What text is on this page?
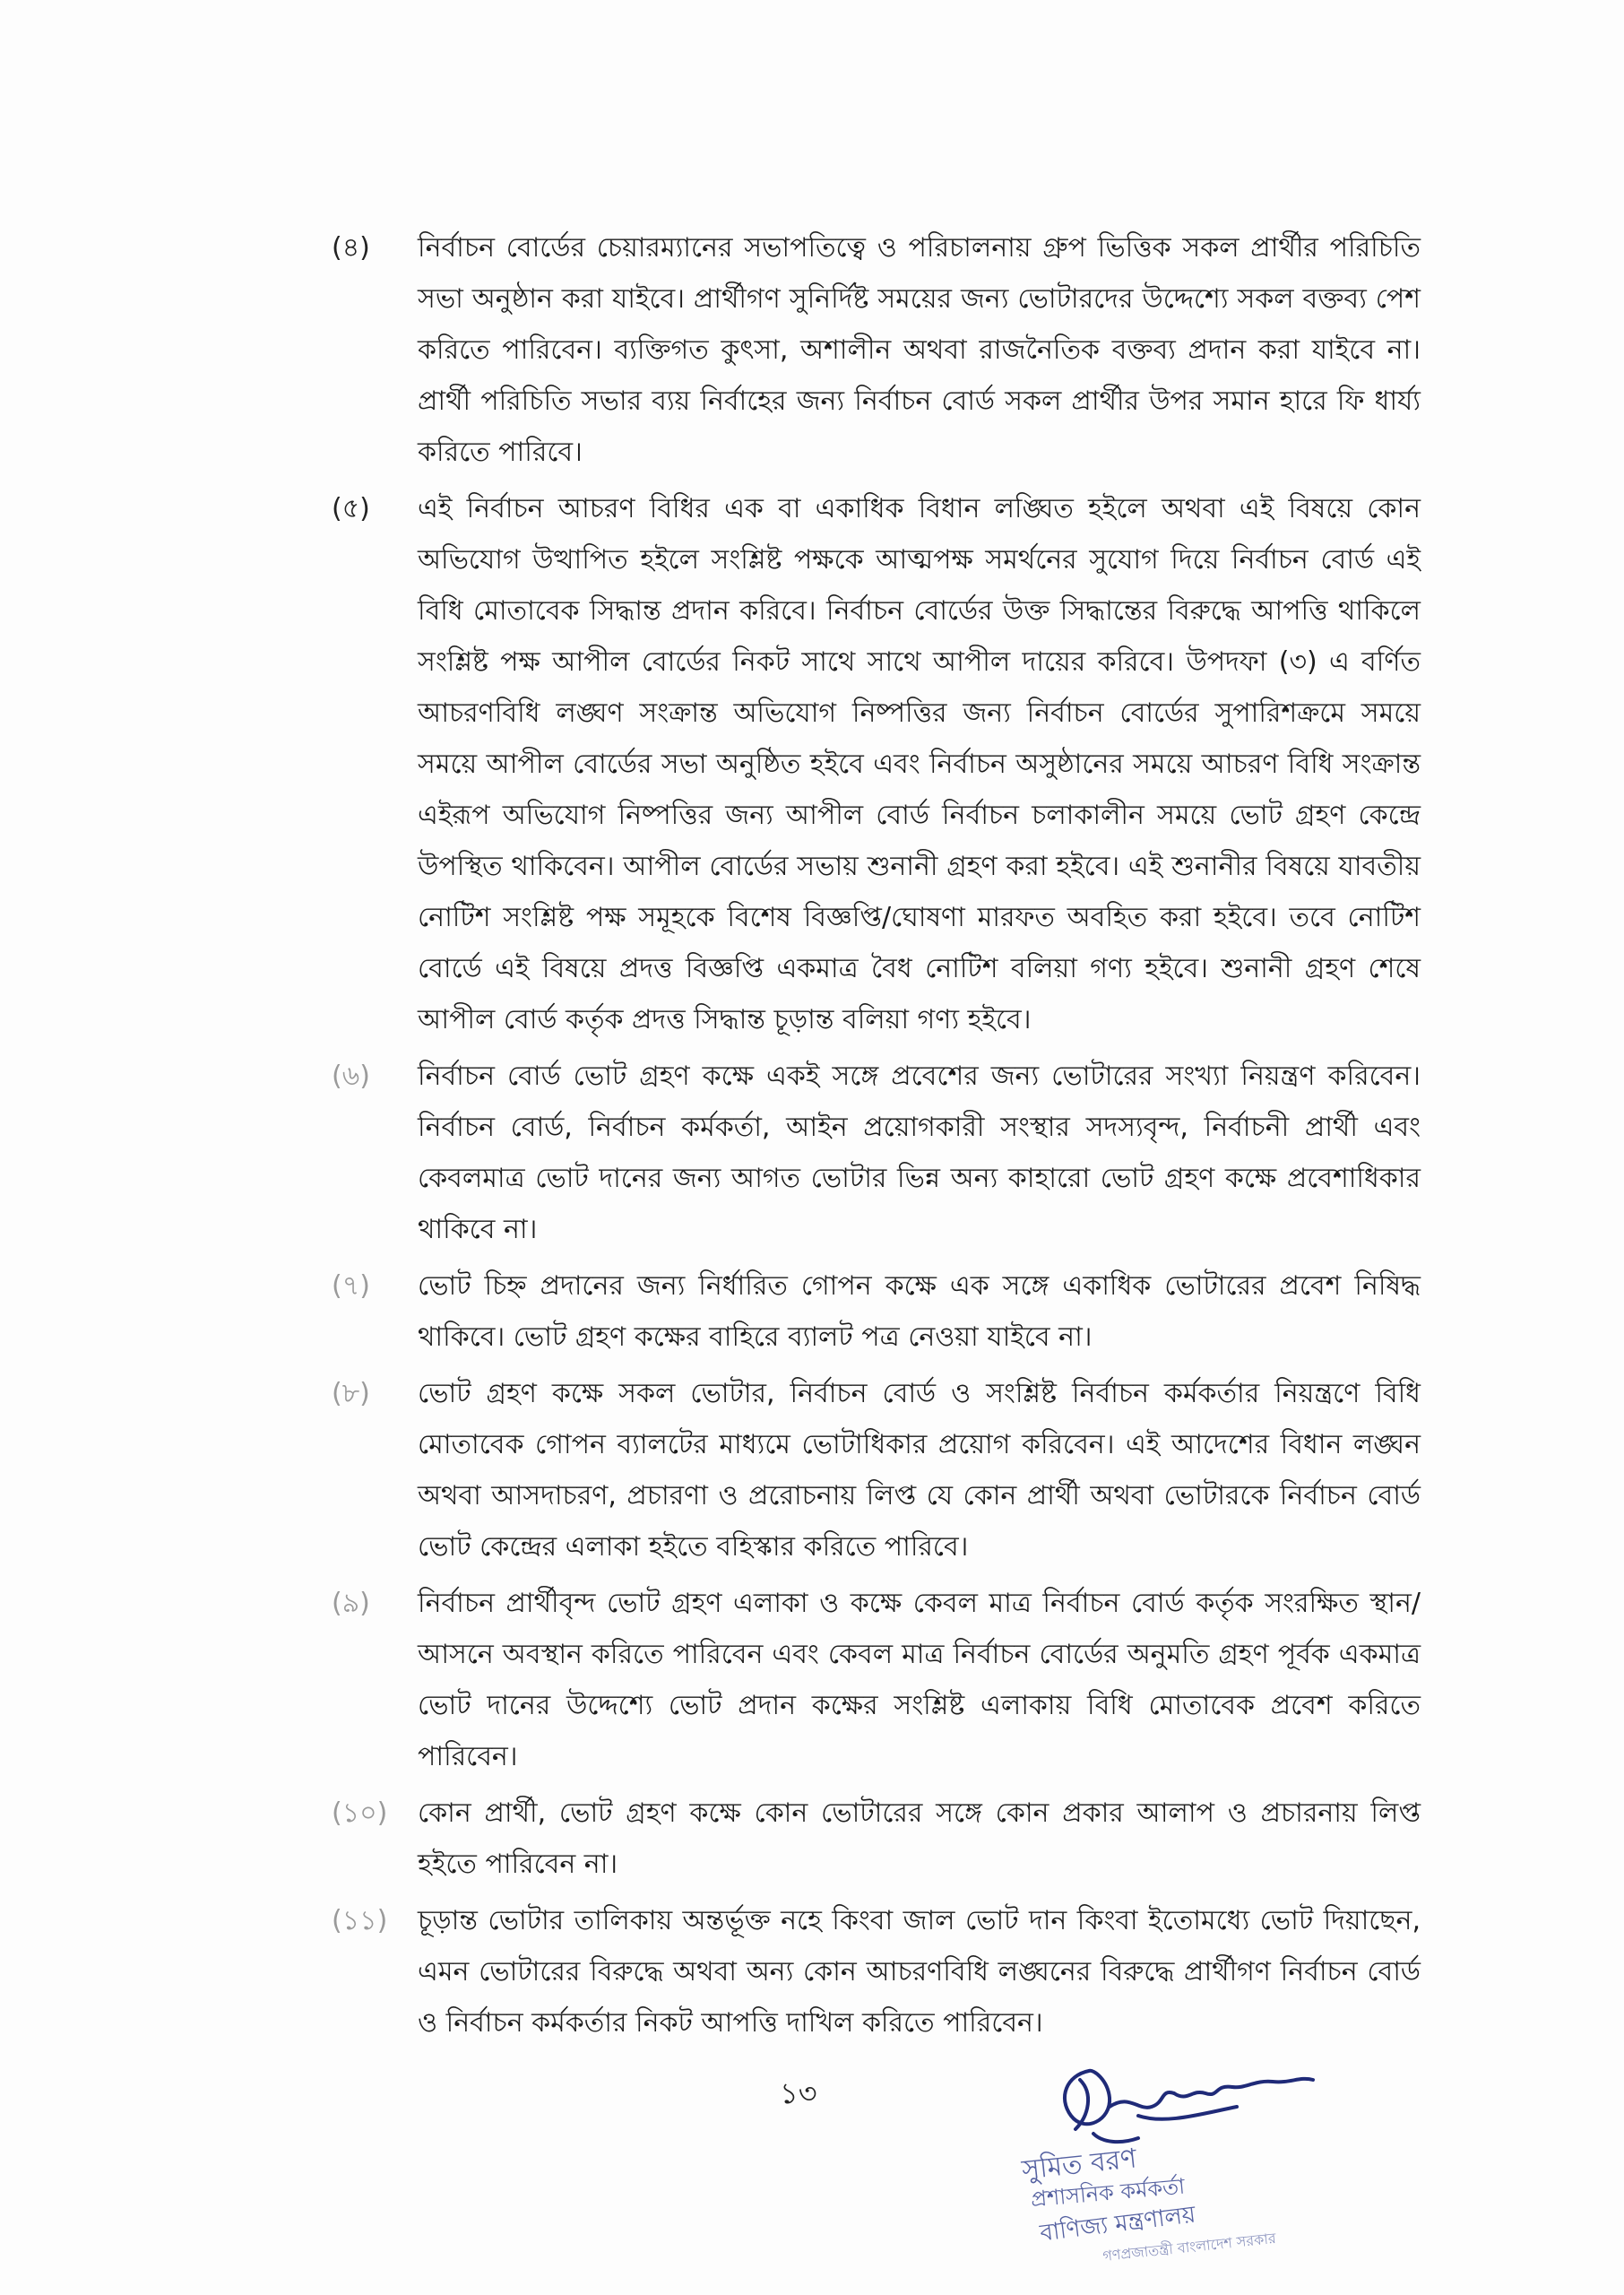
(৪)	নির্বাচন বোর্ডের চেয়ারম্যানের সভাপতিত্বে ও পরিচালনায় গ্রুপ ভিত্তিক সকল প্রার্থীর পরিচিতি সভা অনুষ্ঠান করা যাইবে। প্রার্থীগণ সুনির্দিষ্ট সময়ের জন্য ভোটারদের উদ্দেশ্যে সকল বক্তব্য পেশ করিতে পারিবেন। ব্যক্তিগত কুৎসা, অশালীন অথবা রাজনৈতিক বক্তব্য প্রদান করা যাইবে না। প্রার্থী পরিচিতি সভার ব্যয় নির্বাহের জন্য নির্বাচন বোর্ড সকল প্রার্থীর উপর সমান হারে ফি ধার্য্য করিতে পারিবে।
(৫)	এই নির্বাচন আচরণ বিধির এক বা একাধিক বিধান লঙ্ঘিত হইলে অথবা এই বিষয়ে কোন অভিযোগ উত্থাপিত হইলে সংশ্লিষ্ট পক্ষকে আত্মপক্ষ সমর্থনের সুযোগ দিয়ে নির্বাচন বোর্ড এই বিধি মোতাবেক সিদ্ধান্ত প্রদান করিবে। নির্বাচন বোর্ডের উক্ত সিদ্ধান্তের বিরুদ্ধে আপত্তি থাকিলে সংশ্লিষ্ট পক্ষ আপীল বোর্ডের নিকট সাথে সাথে আপীল দায়ের করিবে। উপদফা (৩) এ বর্ণিত আচরণবিধি লঙ্ঘণ সংক্রান্ত অভিযোগ নিষ্পত্তির জন্য নির্বাচন বোর্ডের সুপারিশক্রমে সময়ে সময়ে আপীল বোর্ডের সভা অনুষ্ঠিত হইবে এবং নির্বাচন অসুষ্ঠানের সময়ে আচরণ বিধি সংক্রান্ত এইরূপ অভিযোগ নিষ্পত্তির জন্য আপীল বোর্ড নির্বাচন চলাকালীন সময়ে ভোট গ্রহণ কেন্দ্রে উপস্থিত থাকিবেন। আপীল বোর্ডের সভায় শুনানী গ্রহণ করা হইবে। এই শুনানীর বিষয়ে যাবতীয় নোটিশ সংশ্লিষ্ট পক্ষ সমূহকে বিশেষ বিজ্ঞপ্তি/ঘোষণা মারফত অবহিত করা হইবে। তবে নোটিশ বোর্ডে এই বিষয়ে প্রদত্ত বিজ্ঞপ্তি একমাত্র বৈধ নোটিশ বলিয়া গণ্য হইবে। শুনানী গ্রহণ শেষে আপীল বোর্ড কর্তৃক প্রদত্ত সিদ্ধান্ত চূড়ান্ত বলিয়া গণ্য হইবে।
(৬)	নির্বাচন বোর্ড ভোট গ্রহণ কক্ষে একই সঙ্গে প্রবেশের জন্য ভোটারের সংখ্যা নিয়ন্ত্রণ করিবেন। নির্বাচন বোর্ড, নির্বাচন কর্মকর্তা, আইন প্রয়োগকারী সংস্থার সদস্যবৃন্দ, নির্বাচনী প্রার্থী এবং কেবলমাত্র ভোট দানের জন্য আগত ভোটার ভিন্ন অন্য কাহারো ভোট গ্রহণ কক্ষে প্রবেশাধিকার থাকিবে না।
(৭)	ভোট চিহ্ন প্রদানের জন্য নির্ধারিত গোপন কক্ষে এক সঙ্গে একাধিক ভোটারের প্রবেশ নিষিদ্ধ থাকিবে। ভোট গ্রহণ কক্ষের বাহিরে ব্যালট পত্র নেওয়া যাইবে না।
(৮)	ভোট গ্রহণ কক্ষে সকল ভোটার, নির্বাচন বোর্ড ও সংশ্লিষ্ট নির্বাচন কর্মকর্তার নিয়ন্ত্রণে বিধি মোতাবেক গোপন ব্যালটের মাধ্যমে ভোটাধিকার প্রয়োগ করিবেন। এই আদেশের বিধান লঙ্ঘন অথবা আসদাচরণ, প্রচারণা ও প্ররোচনায় লিপ্ত যে কোন প্রার্থী অথবা ভোটারকে নির্বাচন বোর্ড ভোট কেন্দ্রের এলাকা হইতে বহিস্কার করিতে পারিবে।
(৯)	নির্বাচন প্রার্থীবৃন্দ ভোট গ্রহণ এলাকা ও কক্ষে কেবল মাত্র নির্বাচন বোর্ড কর্তৃক সংরক্ষিত স্থান/আসনে অবস্থান করিতে পারিবেন এবং কেবল মাত্র নির্বাচন বোর্ডের অনুমতি গ্রহণ পূর্বক একমাত্র ভোট দানের উদ্দেশ্যে ভোট প্রদান কক্ষের সংশ্লিষ্ট এলাকায় বিধি মোতাবেক প্রবেশ করিতে পারিবেন।
(১০)	কোন প্রার্থী, ভোট গ্রহণ কক্ষে কোন ভোটারের সঙ্গে কোন প্রকার আলাপ ও প্রচারনায় লিপ্ত হইতে পারিবেন না।
(১১)	চূড়ান্ত ভোটার তালিকায় অন্তর্ভূক্ত নহে কিংবা জাল ভোট দান কিংবা ইতোমধ্যে ভোট দিয়াছেন, এমন ভোটারের বিরুদ্ধে অথবা অন্য কোন আচরণবিধি লঙ্ঘনের বিরুদ্ধে প্রার্থীগণ নির্বাচন বোর্ড ও নির্বাচন কর্মকর্তার নিকট আপত্তি দাখিল করিতে পারিবেন।
১৩
সুমিত বরণ
প্রশাসনিক কর্মকর্তা
বাণিজ্য মন্ত্রণালয়
গণপ্রজাতন্ত্রী বাংলাদেশ সরকার
